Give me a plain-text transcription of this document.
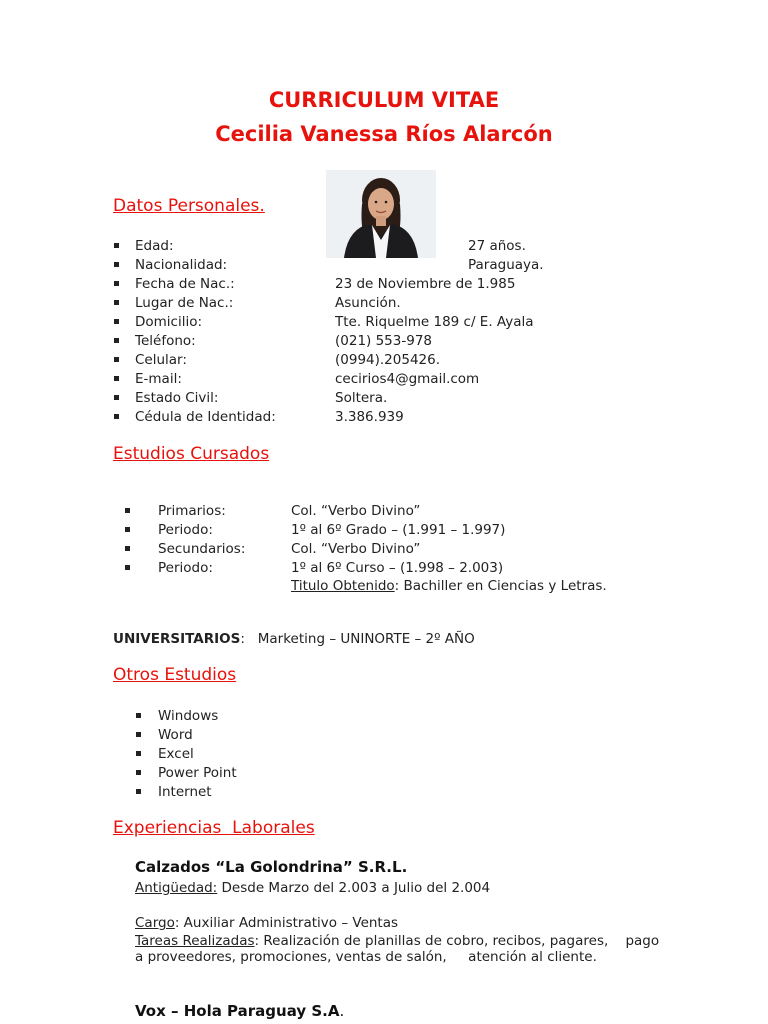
CURRICULUM VITAE
Cecilia Vanessa Ríos Alarcón
Datos Personales.
Edad:	27 años.
Nacionalidad:	Paraguaya.
Fecha de Nac.:	23 de Noviembre de 1.985
Lugar de Nac.:	Asunción.
Domicilio:	Tte. Riquelme 189 c/ E. Ayala
Teléfono:	(021) 553-978
Celular:	(0994).205426.
E-mail:	cecirios4@gmail.com
Estado Civil:	Soltera.
Cédula de Identidad:	3.386.939
Estudios Cursados
Primarios:	Col. “Verbo Divino”
Periodo:	1º al 6º Grado – (1.991 – 1.997)
Secundarios:	Col. “Verbo Divino”
Periodo:	1º al 6º Curso – (1.998 – 2.003)
Titulo Obtenido: Bachiller en Ciencias y Letras.
UNIVERSITARIOS:   Marketing – UNINORTE – 2º AÑO
Otros Estudios
Windows
Word
Excel
Power Point
Internet
Experiencias  Laborales
Calzados “La Golondrina” S.R.L.
Antigüedad: Desde Marzo del 2.003 a Julio del 2.004
Cargo: Auxiliar Administrativo – Ventas
Tareas Realizadas: Realización de planillas de cobro, recibos, pagares,    pago
a proveedores, promociones, ventas de salón,     atención al cliente.
Vox – Hola Paraguay S.A.
